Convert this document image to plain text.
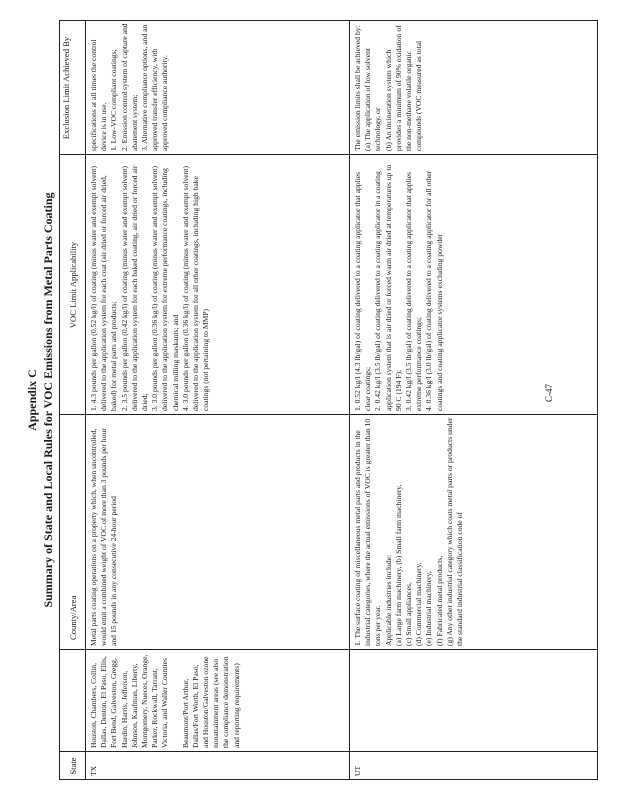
Appendix C Summary of State and Local Rules for VOC Emissions from Metal Parts Coating
State
County/Area
VOC Limit Applicability
Exclusion Limit Achieved By
TX
Houston, Chambers, Collin, Dallas, Denton, El Paso, Ellis, Fort Bend, Galveston, Gregg, Hardin, Harris, Jefferson, Johnson, Kaufman, Liberty, Montgomery, Nueces, Orange, Parker, Rockwall, Tarrant, Victoria, and Waller Counties Beaumont/Port Arthur, Dallas/Fort Worth, El Paso, and Houston/Galveston ozone nonattainment areas (see also the compliance demonstration and reporting requirements)
Metal parts coating operations on a property which, when uncontrolled, would emit a combined weight of VOC of more than 3 pounds per hour and 15 pounds in any consecutive 24-hour period
1. 4.3 pounds per gallon (0.52 kg/l) of coating (minus water and exempt solvent) delivered to the application system for each coat (air dried or forced air dried, baked) for metal parts and products; 2. 3.5 pounds per gallon (0.42 kg/l) of coating (minus water and exempt solvent) delivered to the application system for each baked coating, air dried or forced air dried; 3. 3.0 pounds per gallon (0.36 kg/l) of coating (minus water and exempt solvent) delivered to the application system for extreme performance coatings, including chemical milling maskants; and 4. 3.0 pounds per gallon (0.36 kg/l) of coating (minus water and exempt solvent) delivered to the application system for all other coatings, including high bake coatings (not pertaining to MMP)
specifications at all times the control device is in use. 1. Low-VOC compliant coatings; 2. Emission control system of capture and abatement system; 3. Alternative compliance options, and an approved transfer efficiency, with approved compliance authority.
UT
1. The surface coating of miscellaneous metal parts and products in the industrial categories, where the actual emissions of VOC is greater than 10 tons per year. Applicable industries include: (a) Large farm machinery, (b) Small farm machinery, (c) Small appliances, (d) Commercial machinery, (e) Industrial machinery, (f) Fabricated metal products, (g) Any other industrial category which coats metal parts or products under the standard industrial classification code of
1. 0.52 kg/l (4.3 lb/gal) of coating delivered to a coating applicator that applies clear coatings; 2. 0.42 kg/l (3.5 lb/gal) of coating delivered to a coating applicator in a coating application system that is air dried or forced warm air dried at temperatures up to 90 C (194 F); 3. 0.42 kg/l (3.5 lb/gal) of coating delivered to a coating applicator that applies extreme performance coatings; 4. 0.36 kg/l (3.0 lb/gal) of coating delivered to a coating applicator for all other coatings and coating applicator systems excluding powder
The emission limits shall be achieved by: (a) The application of low solvent technology, or (b) An incineration system which provides a minimum of 90% oxidation of the non-methane volatile organic compounds (VOC measured as total
C-47
